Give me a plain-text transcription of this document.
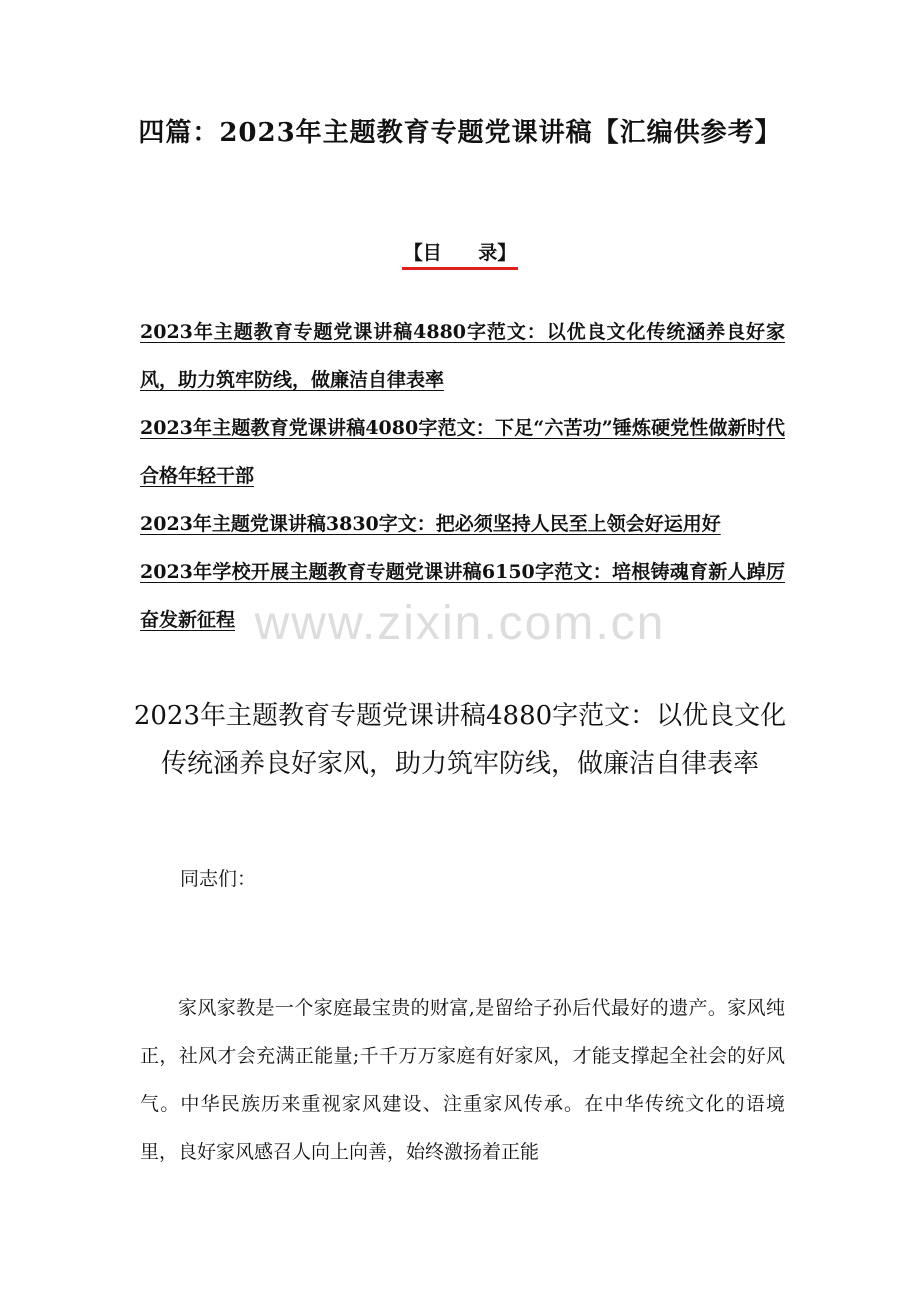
四篇：2023年主题教育专题党课讲稿【汇编供参考】
【目 录】
2023年主题教育专题党课讲稿4880字范文：以优良文化传统涵养良好家风，助力筑牢防线，做廉洁自律表率
2023年主题教育党课讲稿4080字范文：下足“六苦功”锤炼硬党性做新时代合格年轻干部
2023年主题党课讲稿3830字文：把必须坚持人民至上领会好运用好
2023年学校开展主题教育专题党课讲稿6150字范文：培根铸魂育新人踔厉奋发新征程 www.zixin.com.cn
2023年主题教育专题党课讲稿4880字范文：以优良文化传统涵养良好家风，助力筑牢防线，做廉洁自律表率
同志们：

家风家教是一个家庭最宝贵的财富,是留给子孙后代最好的遗产。家风纯正，社风才会充满正能量;千千万万家庭有好家风，才能支撑起全社会的好风气。中华民族历来重视家风建设、注重家风传承。在中华传统文化的语境里，良好家风感召人向上向善，始终激扬着正能
